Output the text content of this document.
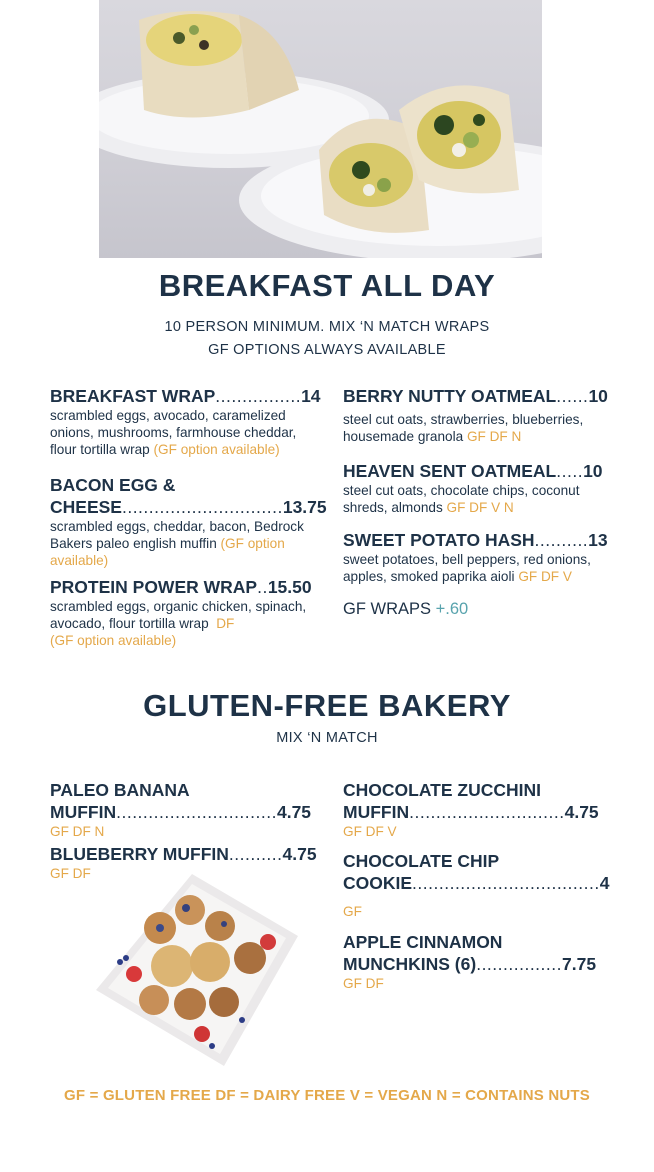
BREAKFAST ALL DAY
10 PERSON MINIMUM. MIX ‘N MATCH WRAPS
GF OPTIONS ALWAYS AVAILABLE
BREAKFAST WRAP................14
scrambled eggs, avocado, caramelized onions, mushrooms, farmhouse cheddar, flour tortilla wrap (GF option available)
BACON EGG &
CHEESE..............................13.75
scrambled eggs, cheddar, bacon, Bedrock Bakers paleo english muffin (GF option available)
PROTEIN POWER WRAP..15.50
scrambled eggs, organic chicken, spinach, avocado, flour tortilla wrap DF
(GF option available)
BERRY NUTTY OATMEAL......10
steel cut oats, strawberries, blueberries, housemade granola GF DF N
HEAVEN SENT OATMEAL.....10
steel cut oats, chocolate chips, coconut shreds, almonds GF DF V N
SWEET POTATO HASH..........13
sweet potatoes, bell peppers, red onions, apples, smoked paprika aioli GF DF V
GF WRAPS +.60
GLUTEN-FREE BAKERY
MIX ‘N MATCH
PALEO BANANA
MUFFIN..............................4.75
GF DF N
BLUEBERRY MUFFIN..........4.75
GF DF
CHOCOLATE ZUCCHINI
MUFFIN.............................4.75
GF DF V
CHOCOLATE CHIP
COOKIE...................................4
GF
APPLE CINNAMON
MUNCHKINS (6)................7.75
GF DF
GF = GLUTEN FREE DF = DAIRY FREE V = VEGAN N = CONTAINS NUTS
